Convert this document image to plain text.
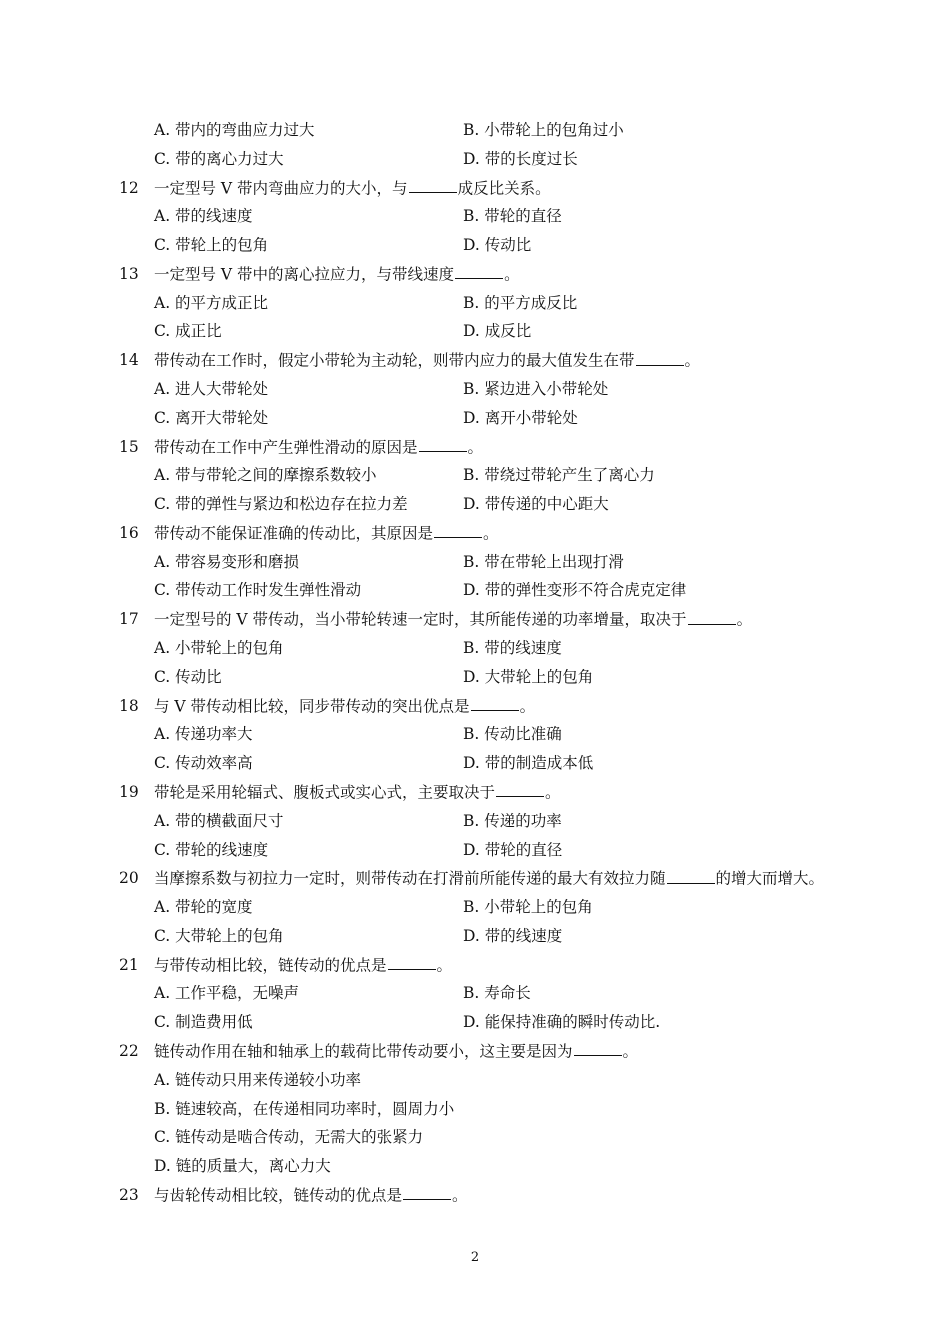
A. 带内的弯曲应力过大	B. 小带轮上的包角过小
C. 带的离心力过大	D. 带的长度过长
12 一定型号 V 带内弯曲应力的大小，与	成反比关系。
A. 带的线速度	B. 带轮的直径
C. 带轮上的包角	D. 传动比
13 一定型号 V 带中的离心拉应力，与带线速度	。
A. 的平方成正比	B. 的平方成反比
C. 成正比	D. 成反比
14 带传动在工作时，假定小带轮为主动轮，则带内应力的最大值发生在带	。
A. 进人大带轮处	B. 紧边进入小带轮处
C. 离开大带轮处	D. 离开小带轮处
15 带传动在工作中产生弹性滑动的原因是	。
A. 带与带轮之间的摩擦系数较小	B. 带绕过带轮产生了离心力
C. 带的弹性与紧边和松边存在拉力差	D. 带传递的中心距大
16 带传动不能保证准确的传动比，其原因是	。
A. 带容易变形和磨损	B. 带在带轮上出现打滑
C. 带传动工作时发生弹性滑动	D. 带的弹性变形不符合虎克定律
17 一定型号的 V 带传动，当小带轮转速一定时，其所能传递的功率增量，取决于	。
A. 小带轮上的包角	B. 带的线速度
C. 传动比	D. 大带轮上的包角
18 与 V 带传动相比较，同步带传动的突出优点是	。
A. 传递功率大	B. 传动比准确
C. 传动效率高	D. 带的制造成本低
19 带轮是采用轮辐式、腹板式或实心式，主要取决于	。
A. 带的横截面尺寸	B. 传递的功率
C. 带轮的线速度	D. 带轮的直径
20 当摩擦系数与初拉力一定时，则带传动在打滑前所能传递的最大有效拉力随	的增大而增大。
A. 带轮的宽度	B. 小带轮上的包角
C. 大带轮上的包角	D. 带的线速度
21 与带传动相比较，链传动的优点是	。
A. 工作平稳，无噪声	B. 寿命长
C. 制造费用低	D. 能保持准确的瞬时传动比.
22 链传动作用在轴和轴承上的载荷比带传动要小，这主要是因为	。
A. 链传动只用来传递较小功率
B. 链速较高，在传递相同功率时，圆周力小
C. 链传动是啮合传动，无需大的张紧力
D. 链的质量大，离心力大
23 与齿轮传动相比较，链传动的优点是	。
2
